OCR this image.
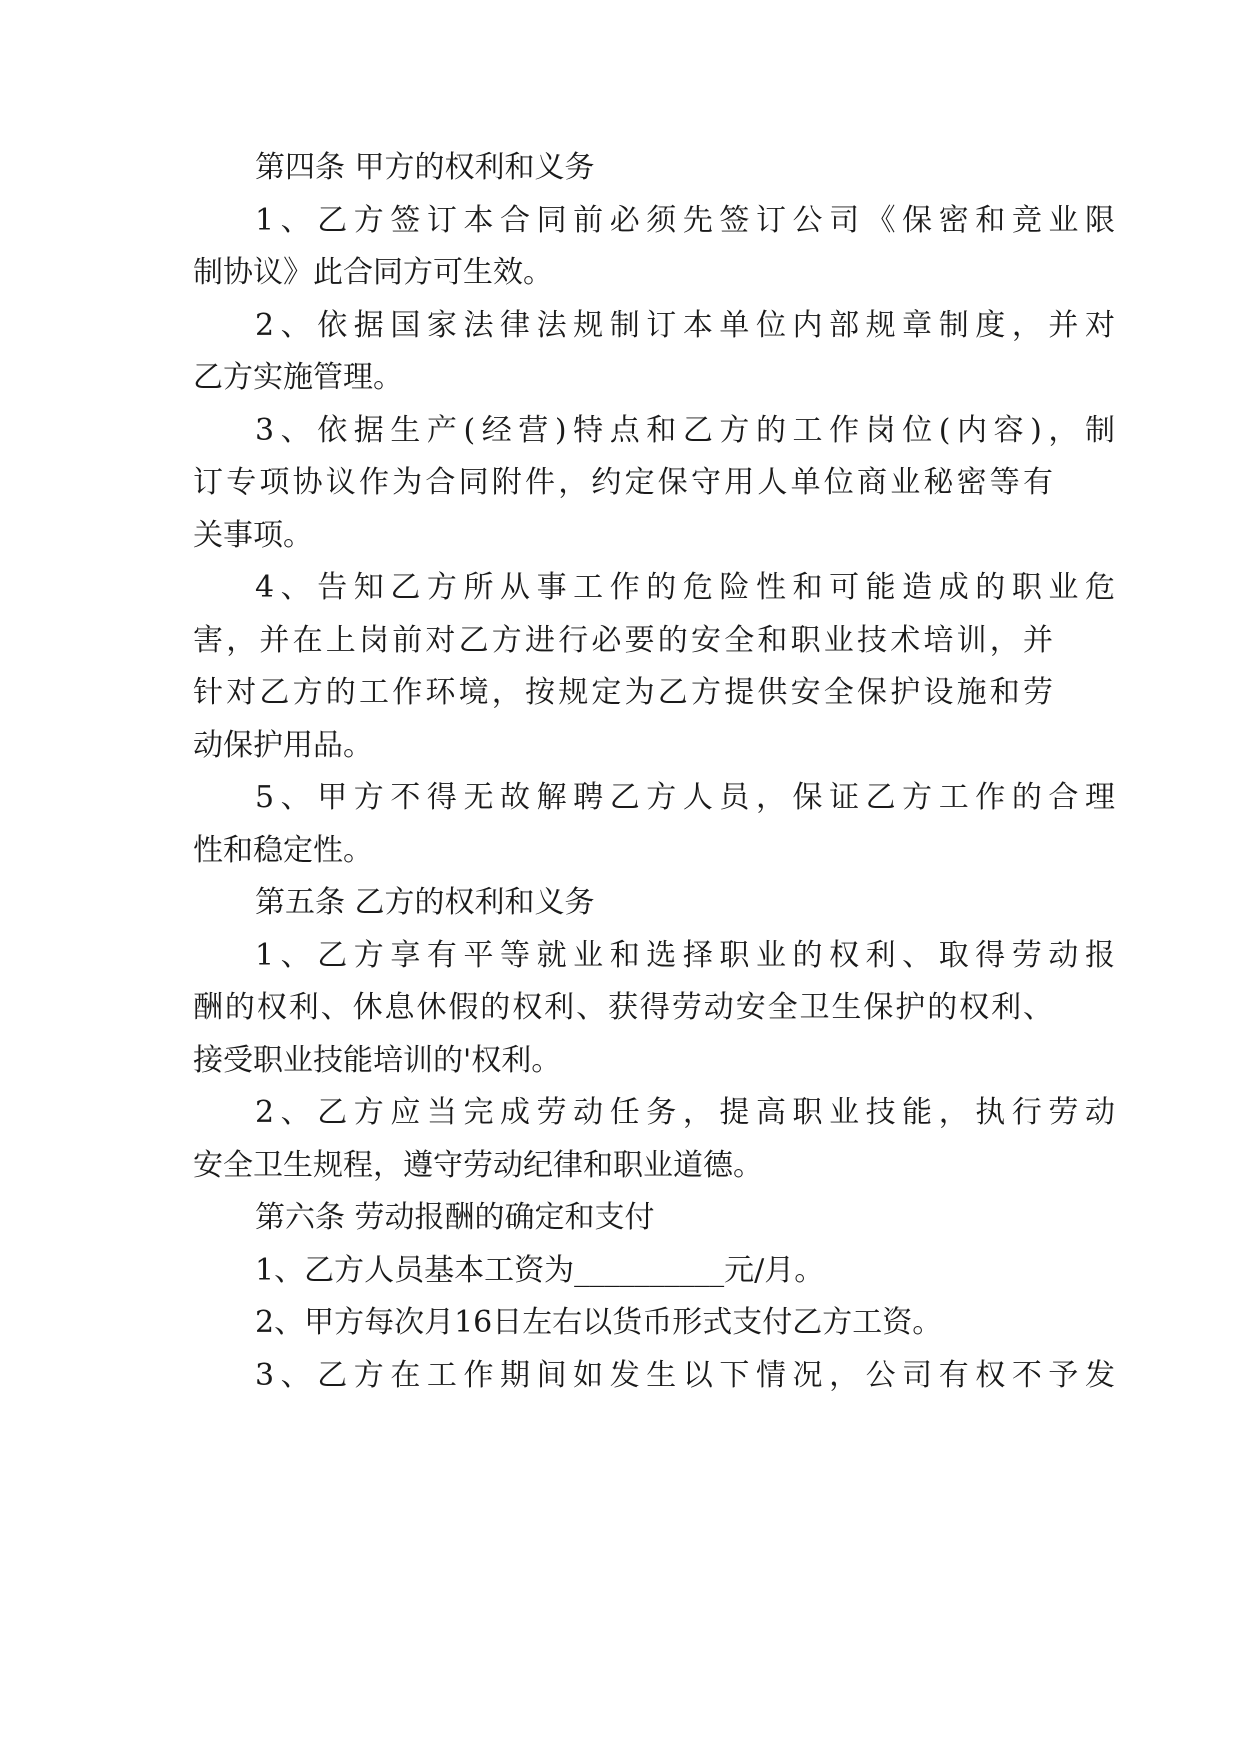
第四条 甲方的权利和义务
1、乙方签订本合同前必须先签订公司《保密和竞业限
制协议》此合同方可生效。
2、依据国家法律法规制订本单位内部规章制度，并对
乙方实施管理。
3、依据生产(经营)特点和乙方的工作岗位(内容)，制
订专项协议作为合同附件，约定保守用人单位商业秘密等有
关事项。
4、告知乙方所从事工作的危险性和可能造成的职业危
害，并在上岗前对乙方进行必要的安全和职业技术培训，并
针对乙方的工作环境，按规定为乙方提供安全保护设施和劳
动保护用品。
5、甲方不得无故解聘乙方人员，保证乙方工作的合理
性和稳定性。
第五条 乙方的权利和义务
1、乙方享有平等就业和选择职业的权利、取得劳动报
酬的权利、休息休假的权利、获得劳动安全卫生保护的权利、
接受职业技能培训的'权利。
2、乙方应当完成劳动任务，提高职业技能，执行劳动
安全卫生规程，遵守劳动纪律和职业道德。
第六条 劳动报酬的确定和支付
1、乙方人员基本工资为__________元/月。
2、甲方每次月16日左右以货币形式支付乙方工资。
3、乙方在工作期间如发生以下情况，公司有权不予发
